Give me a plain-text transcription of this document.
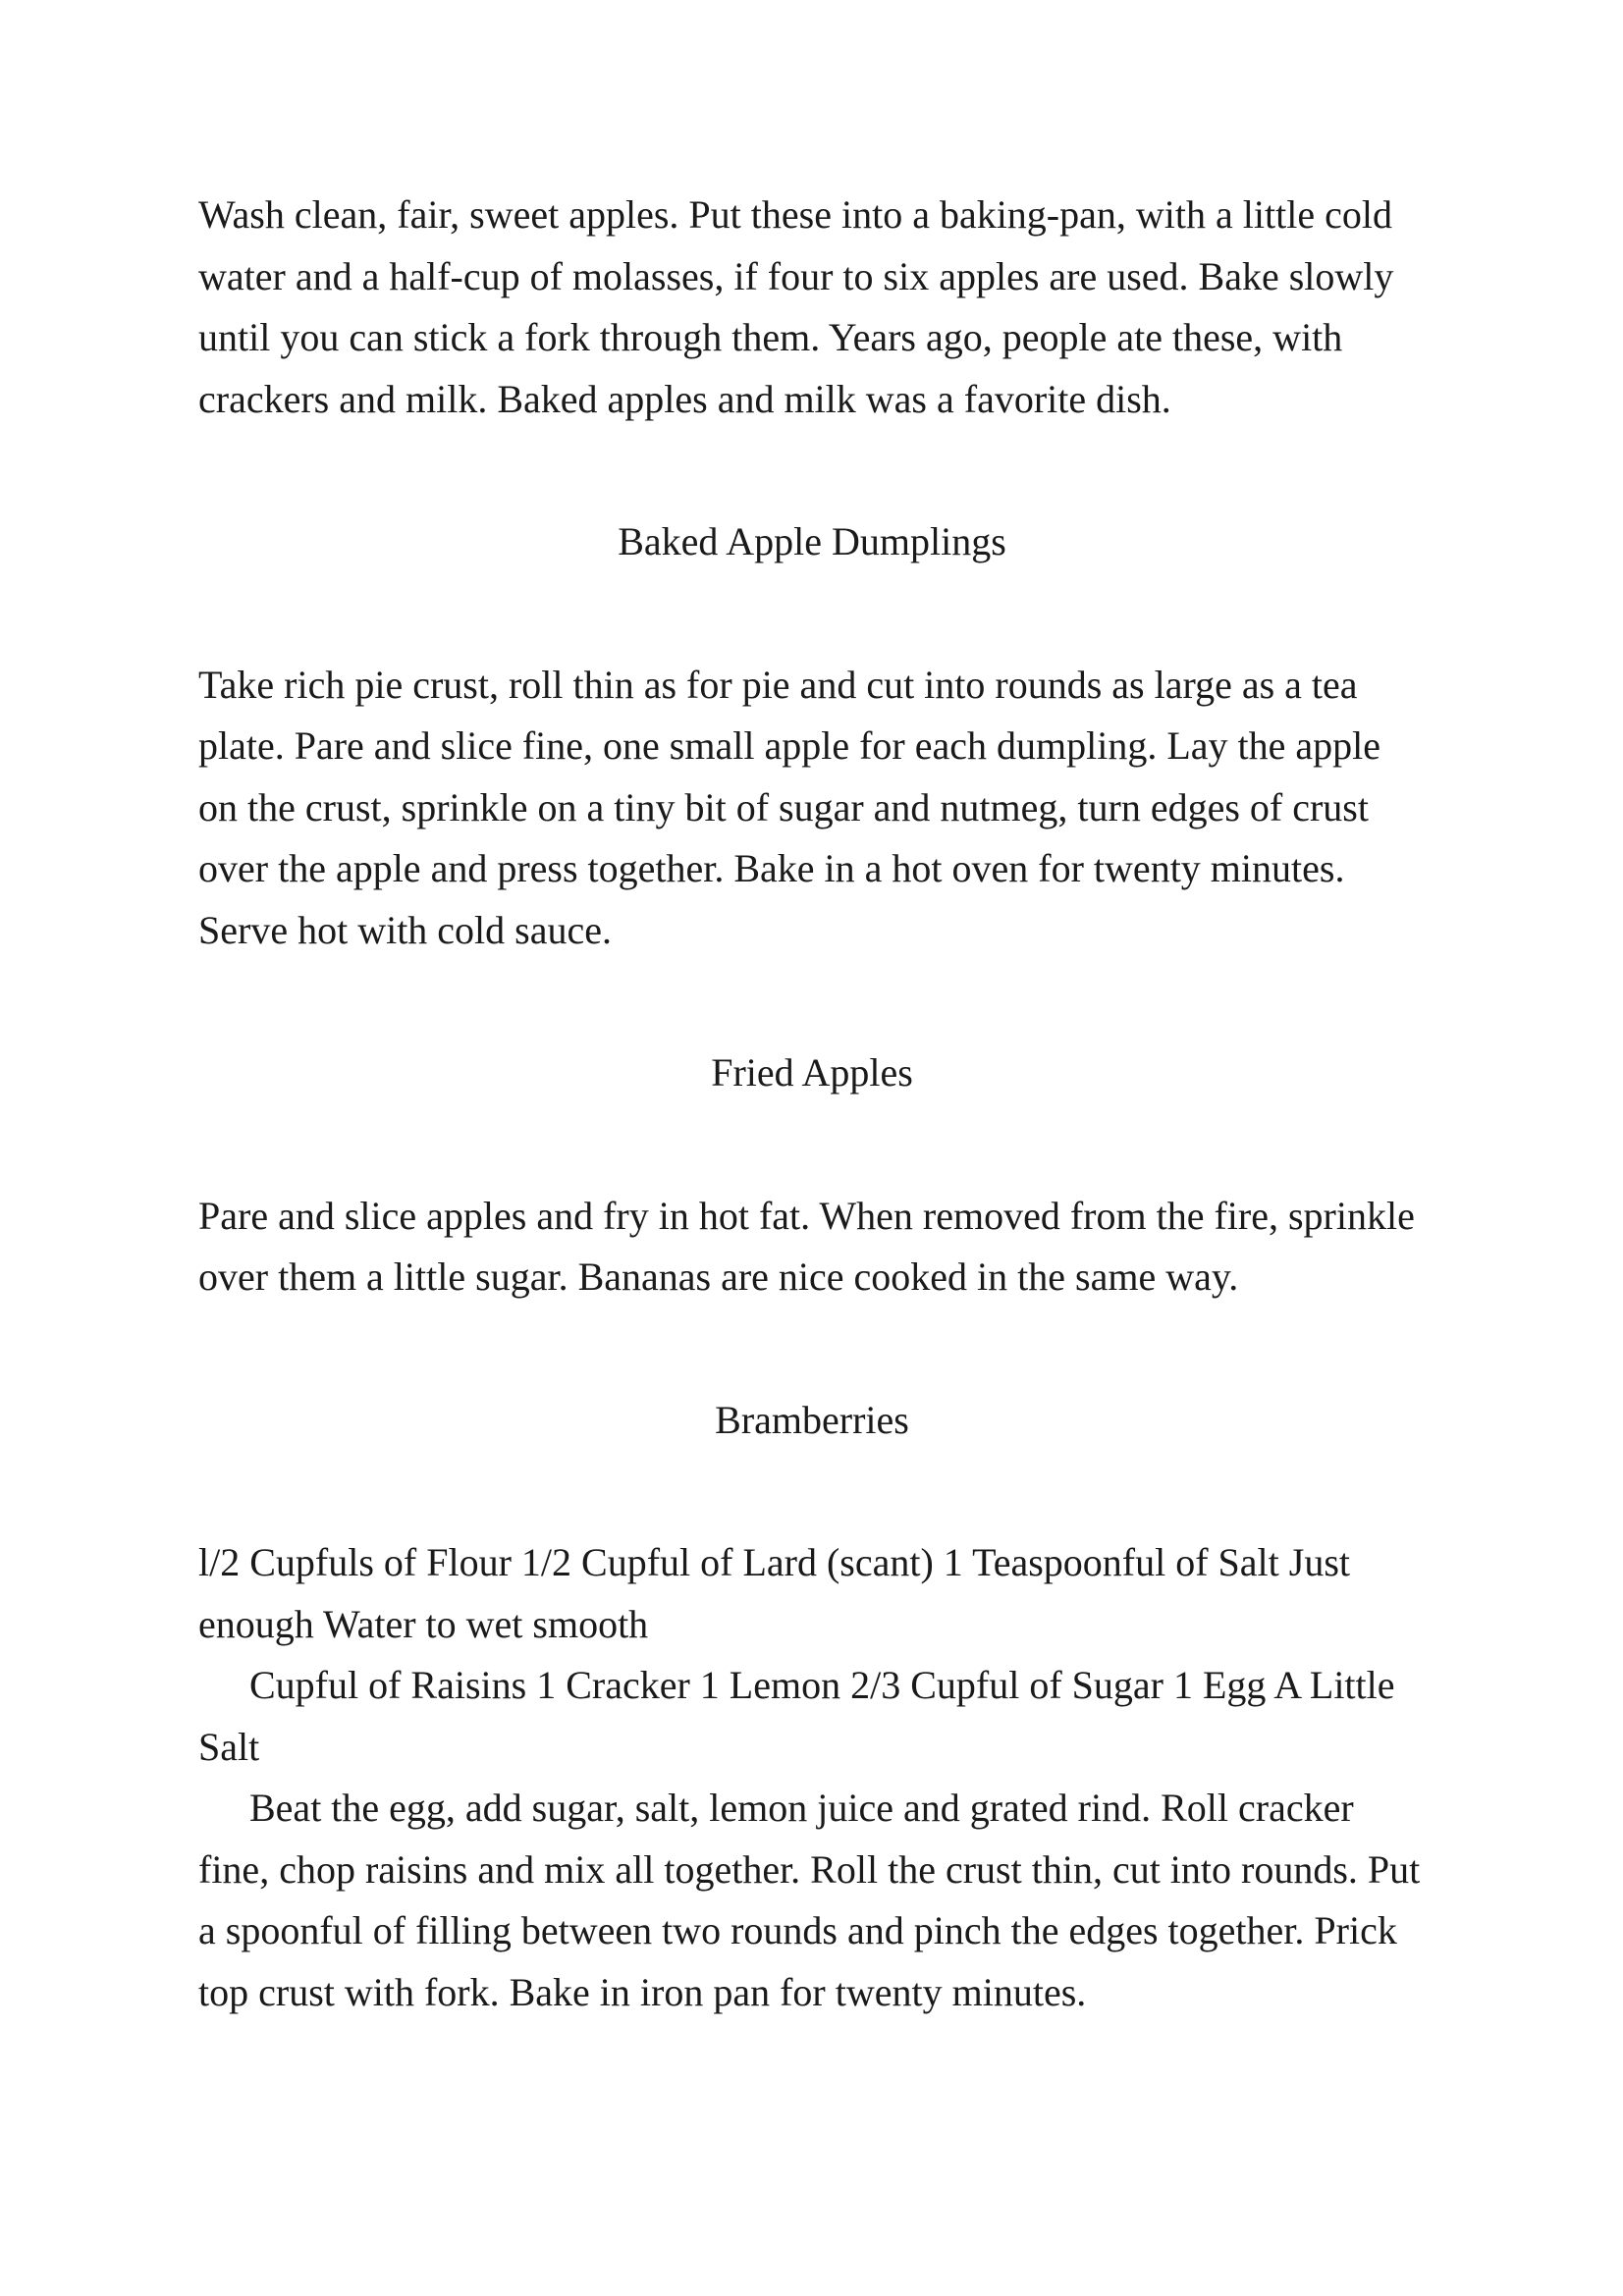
Wash clean, fair, sweet apples. Put these into a baking-pan, with a little cold water and a half-cup of molasses, if four to six apples are used. Bake slowly until you can stick a fork through them. Years ago, people ate these, with crackers and milk. Baked apples and milk was a favorite dish.

Baked Apple Dumplings

Take rich pie crust, roll thin as for pie and cut into rounds as large as a tea plate. Pare and slice fine, one small apple for each dumpling. Lay the apple on the crust, sprinkle on a tiny bit of sugar and nutmeg, turn edges of crust over the apple and press together. Bake in a hot oven for twenty minutes. Serve hot with cold sauce.

Fried Apples

Pare and slice apples and fry in hot fat. When removed from the fire, sprinkle over them a little sugar. Bananas are nice cooked in the same way.

Bramberries

l/2 Cupfuls of Flour 1/2 Cupful of Lard (scant) 1 Teaspoonful of Salt Just enough Water to wet smooth

Cupful of Raisins 1 Cracker 1 Lemon 2/3 Cupful of Sugar 1 Egg A Little Salt

Beat the egg, add sugar, salt, lemon juice and grated rind. Roll cracker fine, chop raisins and mix all together. Roll the crust thin, cut into rounds. Put a spoonful of filling between two rounds and pinch the edges together. Prick top crust with fork. Bake in iron pan for twenty minutes.
